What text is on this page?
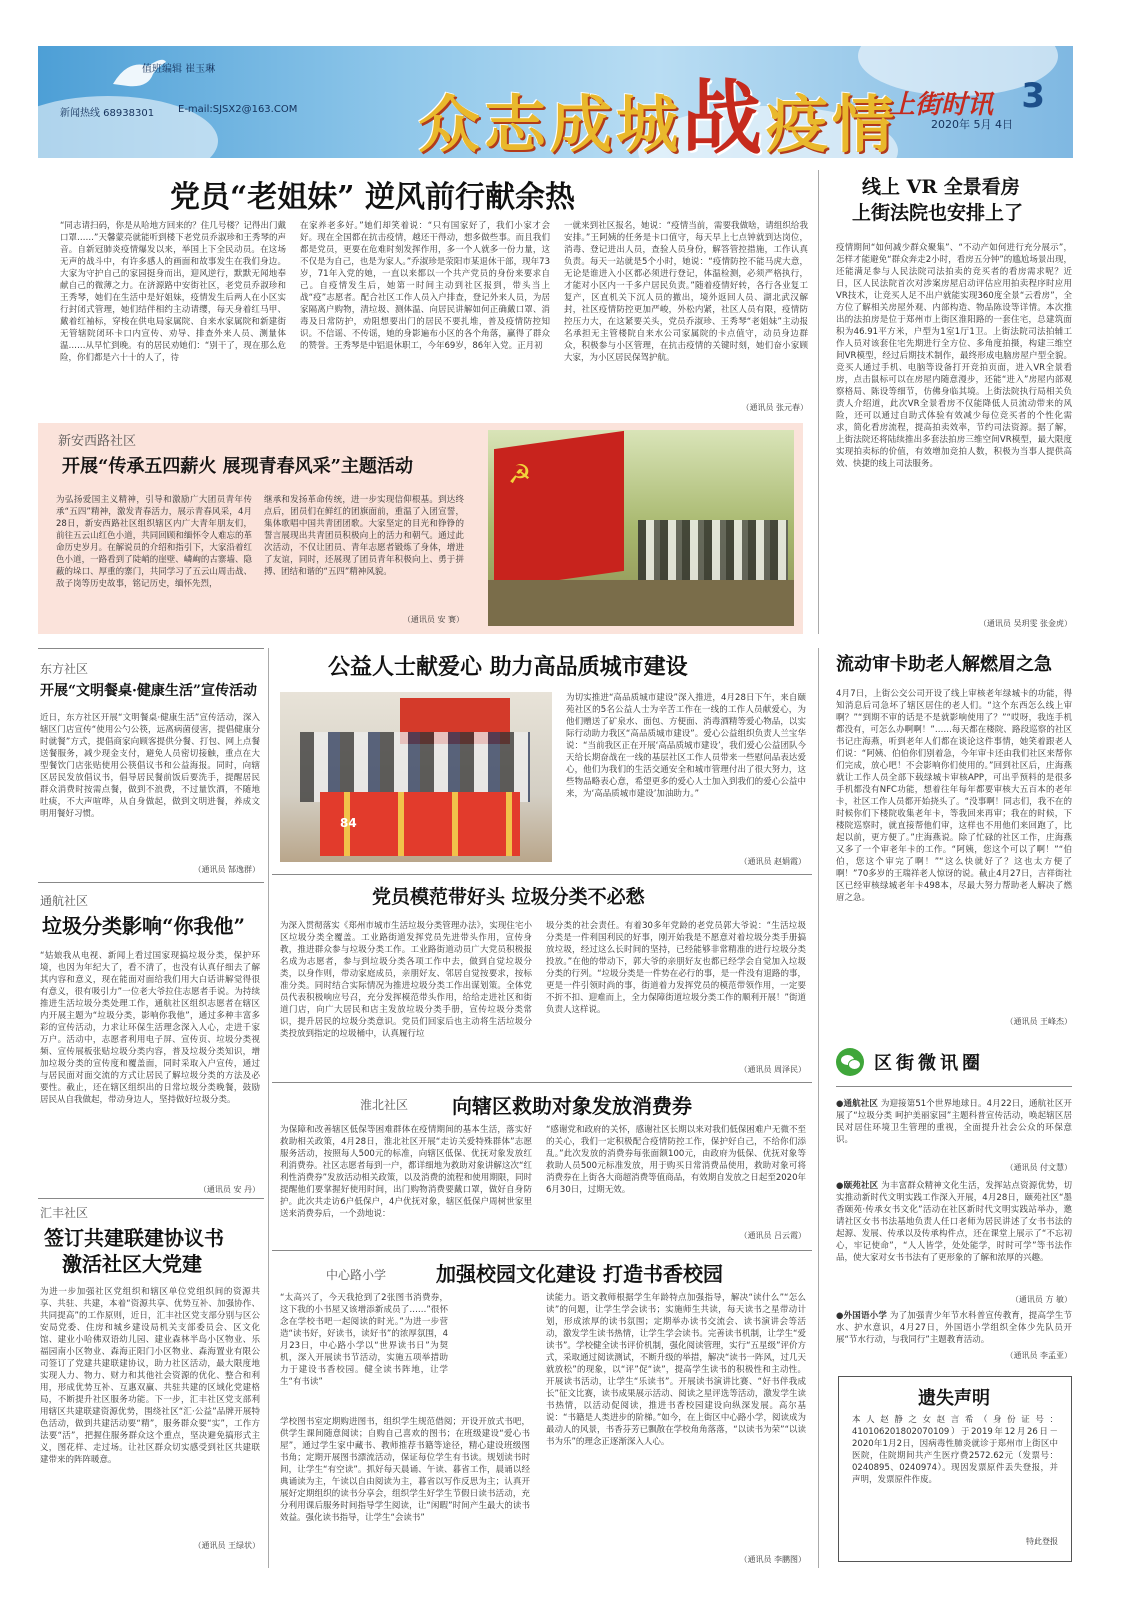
值班编辑 崔玉琳
新闻热线 68938301 E-mail:SJSX2@163.COM 众志成城战疫情
上街时讯 3
2020年 5月 4日
党员“老姐妹” 逆风前行献余热

“同志请扫码，你是从哈地方回来的？住几号楼？记得出门戴口罩……”天馨蒙亮就能听到楼下老党员乔淑珍和王秀琴的声音。自新冠肺炎疫情爆发以来，举国上下全民动员。在这场无声的战斗中，有许多感人的画面和故事发生在我们身边。大家为守护自己的家园挺身而出，迎风逆行，默默无闻地奉献自己的微薄之力。在济源路中安街社区，老党员乔淑珍和王秀琴，她们在生活中是好姐妹，疫情发生后两人在小区实行封闭式管理，她们结伴相约主动请缨，每天身着红马甲、戴着红袖标，穿梭在供电局家属院、自来水家属院和新建街无管辖院闭环卡口内宣传、劝导、排查外来人员、测量体温……从早忙到晚。有的居民劝她们：“别干了，现在那么危险，你们都是六十十的人了，待

在家养老多好。”她们却笑着说：“只有国家好了，我们小家才会好。现在全国都在抗击疫情，越还干得动，想多做些事。而且我们都是党员，更要在危难时刻发挥作用，多一个人就多一份力量，这不仅是为自己，也是为家人。”乔淑珍是荥阳市某退休干部，现年73岁，71年入党的她，一直以来都以一个共产党员的身份来要求自己。自疫情发生后，她第一时间主动到社区报到，带头当上战“疫”志愿者。配合社区工作人员入户排查，登记外来人员，为居家隔离户购物，清垃圾、测体温、向居民讲解如何正确戴口罩、消毒及日常防护，劝阻想要出门的居民不要扎堆，普及疫情防控知识。不信谣、不传谣，她的身影遍布小区的各个角落，赢得了群众的赞誉。王秀琴是中铝退休职工，今年69岁，86年入党。正月初

一就来到社区报名，她说：“疫情当前，需要我做啥，请组织给我安排。”王阿姨的任务是卡口值守，每天早上七点钟就到达岗位，消毒、登记进出人员，查验人员身份，解答管控措施，工作认真负责。每天一站就是5个小时，她说：“疫情防控不能马虎大意，无论是谁进入小区都必须进行登记，体温检测，必须严格执行，才能对小区内一千多户居民负责。”随着疫情好转，各行各业复工复产，区直机关下沉人员的撤出，境外返回人员、湖北武汉解封，社区疫情防控更加严峻，外松内紧，社区人员有限，疫情防控压力大，在这紧要关头，党员乔淑珍、王秀琴“老姐妹”主动报名承担无主管楼院自来水公司家属院的卡点值守，动员身边群众，积极参与小区管理，在抗击疫情的关键时刻，她们奋小家顾大家，为小区居民保驾护航。

（通讯员 张元春）
线上 VR 全景看房
上街法院也安排上了

疫情期间“如何减少群众聚集”、“不动产如何进行充分展示”，怎样才能避免“群众奔走2小时，看房五分钟”的尴尬场景出现，还能满足参与人民法院司法拍卖的竞买者的看房需求呢？近日，区人民法院首次对涉案房屋启动评估应用拍卖程序时应用VR技术，让竞买人足不出户就能实现360度全景“云看房”，全方位了解相关房屋外观、内部构造、物品陈设等详情。本次推出的法拍房是位于郑州市上街区淮阳路的一套住宅，总建筑面积为46.91平方米，户型为1室1厅1卫。上街法院司法拍辅工作人员对该套住宅先期进行全方位、多角度拍摄，构建三维空间VR模型，经过后期技术制作，最终形成电脑房屋户型全貌。竞买人通过手机、电脑等设备打开竞拍页面，进入VR全景看房，点击鼠标可以在房屋内随意漫步，还能“进入”房屋内部观察格局、陈设等细节，仿佛身临其境。上街法院执行局相关负责人介绍道，此次VR全景看房不仅能降低人员流动带来的风险，还可以通过自助式体验有效减少每位竞买者的个性化需求，简化看房流程，提高拍卖效率，节约司法资源。据了解，上街法院还将陆续推出多套法拍房三维空间VR模型，最大限度实现拍卖标的价值，有效增加竞拍人数，积极为当事人提供高效、快捷的线上司法服务。

（通讯员 吴玥雯 张金虎）
新安西路社区
开展“传承五四薪火 展现青春风采”主题活动

为弘扬爱国主义精神，引导和激励广大团员青年传承“五四”精神，激发青春活力，展示青春风采，4月28日，新安西路社区组织辖区内广大青年朋友们，前往五云山红色小道，共同回顾和缅怀令人难忘的革命历史岁月。在解说员的介绍和指引下，大家沿着红色小道，一路看到了陡峭的崖壁、嶙峋的古寨墙、隐蔽的垛口、厚重的寨门，共同学习了五云山周击战、敌子岗等历史故事，铭记历史，缅怀先烈，

继承和发扬革命传统，进一步实现信仰根基。到达终点后，团员们在鲜红的团旗面前，重温了入团宣誓，集体歌唱中国共青团团歌。大家坚定的目光和铮铮的誓言展现出共青团员积极向上的活力和朝气。通过此次活动，不仅让团员、青年志愿者锻炼了身体，增进了友谊，同时，还展现了团员青年积极向上、勇于拼搏、团结和谐的“五四”精神风貌。

（通讯员 安 赛）
☭
东方社区
开展“文明餐桌·健康生活”宣传活动

近日，东方社区开展“文明餐桌·健康生活”宣传活动，深入辖区门店宣传“使用公勺公筷，远离病菌侵害，提倡健康分时就餐”方式，提倡商家向顾客提供分餐、打包、网上点餐送餐服务，减少现金支付，避免人员密切接触，重点在大型餐饮门店张贴使用公筷倡议书和公益海报。同时，向辖区居民发放倡议书，倡导居民餐前饭后要洗手，提醒居民群众消费时按需点餐，做到不浪费，不过量饮酒，不随地吐痰，不大声喧哗，从自身做起，做到文明进餐，养成文明用餐好习惯。

（通讯员 郜逸群）
通航社区
垃圾分类影响“你我他”

“姑娘我从电视、新闻上看过国家现搞垃圾分类，保护环境，也因为年纪大了，看不清了，也没有认真仔细去了解其内容和意义，现在能面对面给我们用大白话讲解觉得很有意义，很有吸引力”一位老大爷拉住志愿者手说。为持续推进生活垃圾分类处理工作，通航社区组织志愿者在辖区内开展主题为“垃圾分类，影响你我他”，通过多种丰富多彩的宣传活动，力求让环保生活理念深入人心，走进千家万户。活动中，志愿者利用电子屏、宣传页、垃圾分类视频、宣传展板张贴垃圾分类内容，普及垃圾分类知识，增加垃圾分类的宣传度和覆盖面，同时采取入户宣传，通过与居民面对面交流的方式让居民了解垃圾分类的方法及必要性。截止，还在辖区组织出的日常垃圾分类晚餐，鼓励居民从自我做起，带动身边人，坚持做好垃圾分类。

（通讯员 安 丹）
汇丰社区
签订共建联建协议书
激活社区大党建

为进一步加强社区党组织和辖区单位党组织间的资源共享、共驻、共建，本着“资源共享、优势互补、加强协作、共同提高”的工作原则，近日，汇丰社区党支部分别与区公安局党委、住房和城乡建设局机关支部委员会、区文化馆、建业小哈佛双语幼儿园、建业森林半岛小区物业、乐福园南小区物业、森海正阳门小区物业、森海置业有限公司签订了党建共建联建协议，助力社区活动，最大限度地实现人力、物力、财力和其他社会资源的优化、整合和利用，形成优势互补、互惠双赢、共驻共建的区域化党建格局，不断提升社区服务功能。下一步，汇丰社区党支部利用辖区共建联建资源优势，围绕社区“汇·公益”品牌开展特色活动，做到共建活动要“精”，服务群众要“实”，工作方法要“活”，把握住服务群众这个重点，坚决避免搞形式主义，图花样、走过场。让社区群众切实感受到社区共建联建带来的阵阵暖意。

（通讯员 王绿状）
公益人士献爱心 助力高品质城市建设
84

为切实推进“高品质城市建设”深入推进，4月28日下午，来自颐苑社区的5名公益人士为辛苦工作在一线的工作人员献爱心，为他们赠送了矿泉水、面包、方便面、消毒酒精等爱心物品，以实际行动助力我区“高品质城市建设”。爱心公益组织负责人兰宝华说：“当前我区正在开展‘高品质城市建设’，我们爱心公益团队今天给长期奋战在一线的基层社区工作人员带来一些慰问品表达爱心，他们为我们的生活交通安全和城市管理付出了很大努力，这些物品略表心意，希望更多的爱心人士加入到我们的爱心公益中来，为‘高品质城市建设’加油助力。”

（通讯员 赵娟霞）
党员模范带好头 垃圾分类不必愁

为深入贯彻落实《郑州市城市生活垃圾分类管理办法》，实现住宅小区垃圾分类全覆盖。工业路街道发挥党员先进带头作用，宣传身教，推进群众参与垃圾分类工作。工业路街道动员广大党员积极报名成为志愿者，参与到垃圾分类各项工作中去，做到自觉垃圾分类，以身作则，带动家庭成员，亲朋好友、邻居自觉按要求，按标准分类。同时结合实际情况为推进垃圾分类工作出谋划策。全体党员代表积极响应号召，充分发挥模范带头作用，给给走进社区和街道门店，向广大居民和店主发放垃圾分类手册，宣传垃圾分类常识，提升居民的垃圾分类意识。党员们回家后也主动将生活垃圾分类投放到指定的垃圾桶中，认真履行垃

圾分类的社会责任。有着30多年党龄的老党员郭大爷说：“生活垃圾分类是一件利国利民的好事，刚开始我是不愿意对着垃圾分类手册搞放垃圾，经过这么长时间的坚持，已经能够非常精准的进行垃圾分类投放。”在他的带动下，郭大爷的亲朋好友也都已经学会自觉加入垃圾分类的行列。“垃圾分类是一件势在必行的事，是一件没有退路的事，更是一件引领时尚的事，街道着力发挥党员的模范带领作用，一定要不折不扣、迎难而上，全力保障街道垃圾分类工作的顺利开展！”街道负责人这样说。

（通讯员 周泽民）
淮北社区 向辖区救助对象发放消费券

为保障和改善辖区低保等困难群体在疫情期间的基本生活，落实好救助相关政策，4月28日，淮北社区开展“走访关爱特殊群体”志愿服务活动，按照每人500元的标准，向辖区低保、优抚对象发放红利消费券。社区志愿者每到一户，都详细地为救助对象讲解这次“红利性消费券”发放活动相关政策，以及消费的流程和使用期限，同时提醒他们要掌握好使用时间，出门购物消费要戴口罩，做好自身防护。此次共走访6户低保户，4户优抚对象，辖区低保户周树世家里送来消费券后，一个劲地说：

“感谢党和政府的关怀，感谢社区长期以来对我们低保困难户无微不至的关心，我们一定积极配合疫情防控工作，保护好自己，不给你们添乱。”此次发放的消费券每张面额100元，由政府为低保、优抚对象等救助人员500元标准发放，用于购买日常消费品使用，救助对象可将消费券在上街各大商超消费等值商品，有效期自发放之日起至2020年6月30日，过期无效。

（通讯员 吕云霞）
中心路小学 加强校园文化建设 打造书香校园

“太高兴了，今天我抢到了2张图书消费券，这下我的小书屋又该增添新成员了……”很怀念在学校书吧一起阅读的时光。”为进一步营造“读书好，好读书，读好书”的浓厚氛围，4月23日，中心路小学以“世界读书日”为契机，深入开展读书节活动，实施五项举措助力于建设书香校园。健全读书阵地，让学生“有书读”

学校图书室定期购进图书，组织学生规范借阅；开设开放式书吧，供学生课间随意阅读；自购自己喜欢的图书；在班级建设“爱心书屋”，通过学生家中藏书、教师推荐书籍等途径，精心建设班级图书角；定期开展图书漂流活动，保证每位学生有书读。规划读书时间，让学生“有空读”。抓好每天晨诵、午读、暮省工作，晨诵以经典诵读为主，午读以自由阅读为主，暮省以写作反思为主；认真开展好定期组织的读书分享会，组织学生好学生节假日读书活动，充分利用课后服务时间指导学生阅读，让“闲暇”时间产生最大的读书效益。强化读书指导，让学生“会读书”

读能力。语文教师根据学生年龄特点加强指导，解决“读什么”“怎么读”的问题，让学生学会读书；实施师生共读，每天读书之星带动计划，形成浓厚的读书氛围；定期举办读书交流会、读书演讲会等活动，激发学生读书热情，让学生学会读书。完善读书机制，让学生“爱读书”。学校健全读书评价机制，强化阅读管理，实行“五星级”评价方式，采取通过阅读测试，不断升级的举措，解决“读书一阵风，过几天就放松”的现象，以“评”促“读”，提高学生读书的积极性和主动性。开展读书活动，让学生“乐读书”。开展读书演讲比赛、“好书伴我成长”征文比赛，读书成果展示活动、阅读之星评选等活动，激发学生读书热情，以活动促阅读，推进书香校园建设向纵深发展。高尔基说：“书籍是人类进步的阶梯。”如今，在上街区中心路小学，阅读成为最动人的风景，书香芬芳已飘散在学校角角落落，“以读书为荣”“以读书为乐”的理念正逐渐深入人心。

（通讯员 李鹏图）
流动审卡助老人解燃眉之急

4月7日，上街公交公司开设了线上审核老年绿城卡的功能，得知消息后司急坏了辖区居住的老人们。“这个东西怎么线上审啊？”“到期不审的话是不是就影响使用了？”“哎呀，我连手机都没有，可怎么办啊啊！”……每天都在楼院、路段巡察的社区书记庄海燕，听到老年人们都在谈论这件事情，她笑着跟老人们说：“阿姨、伯伯你们别着急，今年审卡还由我们社区来帮你们完成，放心吧！不会影响你们使用的。”回到社区后，庄海燕就让工作人员全部下载绿城卡审核APP，可出乎预料的是很多手机都没有NFC功能，想着往年每年都要审核大五百本的老年卡，社区工作人员都开始挠头了。“没事啊！同志们，我不在的时候你们下楼院收集老年卡，等我回来再审；我在的时候，下楼院巡察时，就直接帮他们审，这样也不用他们来回跑了，比起以前，更方便了。”庄海燕说。除了忙碌的社区工作，庄海燕又多了一个审老年卡的工作。“阿姨，您这个可以了啊！”“伯伯，您这个审完了啊！”“这么快就好了？这也太方便了啊！”70多岁的王瑞祥老人惊讶的说。截止4月27日，吉祥街社区已经审核绿城老年卡498本，尽最大努力帮助老人解决了燃眉之急。

（通讯员 王峰杰）
区街微讯圈

●通航社区 为迎接第51个世界地球日。4月22日，通航社区开展了“垃圾分类 呵护美丽家园”主题科普宣传活动，唤起辖区居民对居住环境卫生管理的重视，全面提升社会公众的环保意识。

（通讯员 付文慧）

●颐苑社区 为丰富群众精神文化生活，发挥站点资源优势，切实推动新时代文明实践工作深入开展，4月28日，颐苑社区“墨香颐苑·传承女书文化”活动在社区新时代文明实践站举办，邀请社区女书书法基地负责人任口老师为居民讲述了女书书法的起源、发展、传承以及传承构件点，还在课堂上展示了“不忘初心，牢记使命”，“人人皆学，处处能学，时时可学”等书法作品，使大家对女书书法有了更形象的了解和浓厚的兴趣。

（通讯员 方 敏）

●外国语小学 为了加强青少年节水科普宣传教育，提高学生节水、护水意识，4月27日，外国语小学组织全体少先队员开展“节水行动，与我同行”主题教育活动。

（通讯员 李孟亚）
遗失声明

本人赵静之女赵言希（身份证号：410106201802070109）于2019年12月26日－2020年1月2日，因病毒性肺炎就诊于郑州市上街区中医院，住院期间共产生医疗费2572.62元（发票号：0240895、0240974）。现因发票原件丢失登报，并声明，发票原件作废。

特此登报
